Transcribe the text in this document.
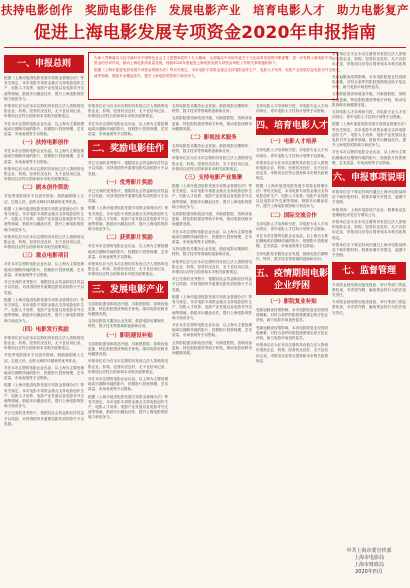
扶持电影创作　奖励电影佳作　发展电影产业　培育电影人才　助力电影复产
促进上海电影发展专项资金2020年申报指南
为深入贯彻落实习近平新时代中国特色社会主义思想和党的十九大精神，全面落实中央和市委关于文化改革发展的决策部署，进一步发挥上海电影专项资金的引导作用，推动上海电影高质量发展，现就2020年度促进上海电影发展专项资金申报工作相关事项通知如下。
根据《上海市促进电影发展专项资金管理办法》等有关规定，本市电影专项资金重点支持电影创作生产、电影人才培养、电影产业发展以及电影对外交流等领域，鼓励多出精品佳作，提升上海电影的影响力和竞争力。
一、申报总则
根据《上海市促进电影发展专项资金管理办法》等有关规定，本市电影专项资金重点支持电影创作生产、电影人才培养、电影产业发展以及电影对外交流等领域，鼓励多出精品佳作，提升上海电影的影响力和竞争力。
申报单位应为在本市注册的具有独立法人资格的电影企业、机构，经营状况良好，无不良信用记录，申报项目应符合国家和本市相关政策规定。
对在本市注册的电影企业出品、以上海为主要拍摄地或后期制作地的影片，按照影片投资规模、艺术质量、市场表现等予以资助。
（一）扶持电影创作
对在本市注册的电影企业出品、以上海为主要拍摄地或后期制作地的影片，按照影片投资规模、艺术质量、市场表现等予以资助。
申报单位应为在本市注册的具有独立法人资格的电影企业、机构，经营状况良好，无不良信用记录，申报项目应符合国家和本市相关政策规定。
（二）剧本创作资助
对优秀电影剧本予以创作资助，鼓励编剧深入生活、扎根人民，创作反映时代精神的优秀作品。
根据《上海市促进电影发展专项资金管理办法》等有关规定，本市电影专项资金重点支持电影创作生产、电影人才培养、电影产业发展以及电影对外交流等领域，鼓励多出精品佳作，提升上海电影的影响力和竞争力。
申报单位应为在本市注册的具有独立法人资格的电影企业、机构，经营状况良好，无不良信用记录，申报项目应符合国家和本市相关政策规定。
（三）重点电影项目
对在本市注册的电影企业出品、以上海为主要拍摄地或后期制作地的影片，按照影片投资规模、艺术质量、市场表现等予以资助。
对已完成的优秀影片，根据其社会效益和经济效益予以奖励，对获得国内外重要电影奖项的影片予以奖励。
根据《上海市促进电影发展专项资金管理办法》等有关规定，本市电影专项资金重点支持电影创作生产、电影人才培养、电影产业发展以及电影对外交流等领域，鼓励多出精品佳作，提升上海电影的影响力和竞争力。
（四）电影发行奖励
申报单位应为在本市注册的具有独立法人资格的电影企业、机构，经营状况良好，无不良信用记录，申报项目应符合国家和本市相关政策规定。
对优秀电影剧本予以创作资助，鼓励编剧深入生活、扎根人民，创作反映时代精神的优秀作品。
对在本市注册的电影企业出品、以上海为主要拍摄地或后期制作地的影片，按照影片投资规模、艺术质量、市场表现等予以资助。
根据《上海市促进电影发展专项资金管理办法》等有关规定，本市电影专项资金重点支持电影创作生产、电影人才培养、电影产业发展以及电影对外交流等领域，鼓励多出精品佳作，提升上海电影的影响力和竞争力。
对已完成的优秀影片，根据其社会效益和经济效益予以奖励，对获得国内外重要电影奖项的影片予以奖励。
申报单位应为在本市注册的具有独立法人资格的电影企业、机构，经营状况良好，无不良信用记录，申报项目应符合国家和本市相关政策规定。
对在本市注册的电影企业出品、以上海为主要拍摄地或后期制作地的影片，按照影片投资规模、艺术质量、市场表现等予以资助。
二、奖励电影佳作
对已完成的优秀影片，根据其社会效益和经济效益予以奖励，对获得国内外重要电影奖项的影片予以奖励。
（一）优秀影片奖励
对已完成的优秀影片，根据其社会效益和经济效益予以奖励，对获得国内外重要电影奖项的影片予以奖励。
根据《上海市促进电影发展专项资金管理办法》等有关规定，本市电影专项资金重点支持电影创作生产、电影人才培养、电影产业发展以及电影对外交流等领域，鼓励多出精品佳作，提升上海电影的影响力和竞争力。
（二）获奖影片奖励
对在本市注册的电影企业出品、以上海为主要拍摄地或后期制作地的影片，按照影片投资规模、艺术质量、市场表现等予以资助。
申报单位应为在本市注册的具有独立法人资格的电影企业、机构，经营状况良好，无不良信用记录，申报项目应符合国家和本市相关政策规定。
三、发展电影产业
支持影院建设和改造升级，对新建影院、放映设备更新、特色影院建设等给予补贴，推动电影放映市场健康发展。
支持电影技术服务企业发展，鼓励电影后期制作、特效、数字技术等领域的创新和应用。
（一）影院建设补贴
支持影院建设和改造升级，对新建影院、放映设备更新、特色影院建设等给予补贴，推动电影放映市场健康发展。
申报单位应为在本市注册的具有独立法人资格的电影企业、机构，经营状况良好，无不良信用记录，申报项目应符合国家和本市相关政策规定。
对在本市注册的电影企业出品、以上海为主要拍摄地或后期制作地的影片，按照影片投资规模、艺术质量、市场表现等予以资助。
根据《上海市促进电影发展专项资金管理办法》等有关规定，本市电影专项资金重点支持电影创作生产、电影人才培养、电影产业发展以及电影对外交流等领域，鼓励多出精品佳作，提升上海电影的影响力和竞争力。
支持电影技术服务企业发展，鼓励电影后期制作、特效、数字技术等领域的创新和应用。
支持影院建设和改造升级，对新建影院、放映设备更新、特色影院建设等给予补贴，推动电影放映市场健康发展。
（二）影视技术服务
支持电影技术服务企业发展，鼓励电影后期制作、特效、数字技术等领域的创新和应用。
申报单位应为在本市注册的具有独立法人资格的电影企业、机构，经营状况良好，无不良信用记录，申报项目应符合国家和本市相关政策规定。
（三）支持电影产业集聚
根据《上海市促进电影发展专项资金管理办法》等有关规定，本市电影专项资金重点支持电影创作生产、电影人才培养、电影产业发展以及电影对外交流等领域，鼓励多出精品佳作，提升上海电影的影响力和竞争力。
支持影院建设和改造升级，对新建影院、放映设备更新、特色影院建设等给予补贴，推动电影放映市场健康发展。
对在本市注册的电影企业出品、以上海为主要拍摄地或后期制作地的影片，按照影片投资规模、艺术质量、市场表现等予以资助。
支持电影技术服务企业发展，鼓励电影后期制作、特效、数字技术等领域的创新和应用。
申报单位应为在本市注册的具有独立法人资格的电影企业、机构，经营状况良好，无不良信用记录，申报项目应符合国家和本市相关政策规定。
对已完成的优秀影片，根据其社会效益和经济效益予以奖励，对获得国内外重要电影奖项的影片予以奖励。
根据《上海市促进电影发展专项资金管理办法》等有关规定，本市电影专项资金重点支持电影创作生产、电影人才培养、电影产业发展以及电影对外交流等领域，鼓励多出精品佳作，提升上海电影的影响力和竞争力。
对在本市注册的电影企业出品、以上海为主要拍摄地或后期制作地的影片，按照影片投资规模、艺术质量、市场表现等予以资助。
支持影院建设和改造升级，对新建影院、放映设备更新、特色影院建设等给予补贴，推动电影放映市场健康发展。
支持电影人才培养和引进，对电影专业人才培训项目、青年电影人才扶持计划等予以资助。
四、培育电影人才
（一）电影人才培养
支持电影人才培养和引进，对电影专业人才培训项目、青年电影人才扶持计划等予以资助。
申报单位应为在本市注册的具有独立法人资格的电影企业、机构，经营状况良好，无不良信用记录，申报项目应符合国家和本市相关政策规定。
根据《上海市促进电影发展专项资金管理办法》等有关规定，本市电影专项资金重点支持电影创作生产、电影人才培养、电影产业发展以及电影对外交流等领域，鼓励多出精品佳作，提升上海电影的影响力和竞争力。
（二）国际交流合作
支持电影人才培养和引进，对电影专业人才培训项目、青年电影人才扶持计划等予以资助。
对在本市注册的电影企业出品、以上海为主要拍摄地或后期制作地的影片，按照影片投资规模、艺术质量、市场表现等予以资助。
支持电影技术服务企业发展，鼓励电影后期制作、特效、数字技术等领域的创新和应用。
五、疫情期间电影企业纾困
（一）影院复业补贴
受新冠肺炎疫情影响，本市电影院复业经营面临困难，对符合条件的影院按照规定给予复业补贴，助力电影市场加快复苏。
受新冠肺炎疫情影响，本市电影院复业经营面临困难，对符合条件的影院按照规定给予复业补贴，助力电影市场加快复苏。
申报单位应为在本市注册的具有独立法人资格的电影企业、机构，经营状况良好，无不良信用记录，申报项目应符合国家和本市相关政策规定。
申报单位应为在本市注册的具有独立法人资格的电影企业、机构，经营状况良好，无不良信用记录，申报项目应符合国家和本市相关政策规定。
受新冠肺炎疫情影响，本市电影院复业经营面临困难，对符合条件的影院按照规定给予复业补贴，助力电影市场加快复苏。
支持影院建设和改造升级，对新建影院、放映设备更新、特色影院建设等给予补贴，推动电影放映市场健康发展。
支持电影人才培养和引进，对电影专业人才培训项目、青年电影人才扶持计划等予以资助。
根据《上海市促进电影发展专项资金管理办法》等有关规定，本市电影专项资金重点支持电影创作生产、电影人才培养、电影产业发展以及电影对外交流等领域，鼓励多出精品佳作，提升上海电影的影响力和竞争力。
对在本市注册的电影企业出品、以上海为主要拍摄地或后期制作地的影片，按照影片投资规模、艺术质量、市场表现等予以资助。
六、申报事项说明
申报单位应于规定时间内通过上海市电影局网站下载申报材料，按要求填写并提交，逾期不予受理。
申报咨询：上海市电影局产业处，联系电话及受理地址详见官方网站公告。
申报单位应为在本市注册的具有独立法人资格的电影企业、机构，经营状况良好，无不良信用记录，申报项目应符合国家和本市相关政策规定。
申报单位应于规定时间内通过上海市电影局网站下载申报材料，按要求填写并提交，逾期不予受理。
七、监督管理
专项资金使用情况接受财政、审计等部门的监督检查，对弄虚作假、骗取资金的行为依法追究责任。
专项资金使用情况接受财政、审计等部门的监督检查，对弄虚作假、骗取资金的行为依法追究责任。
中共上海市委宣传部
上海市电影局
上海市财政局
2020年四月
